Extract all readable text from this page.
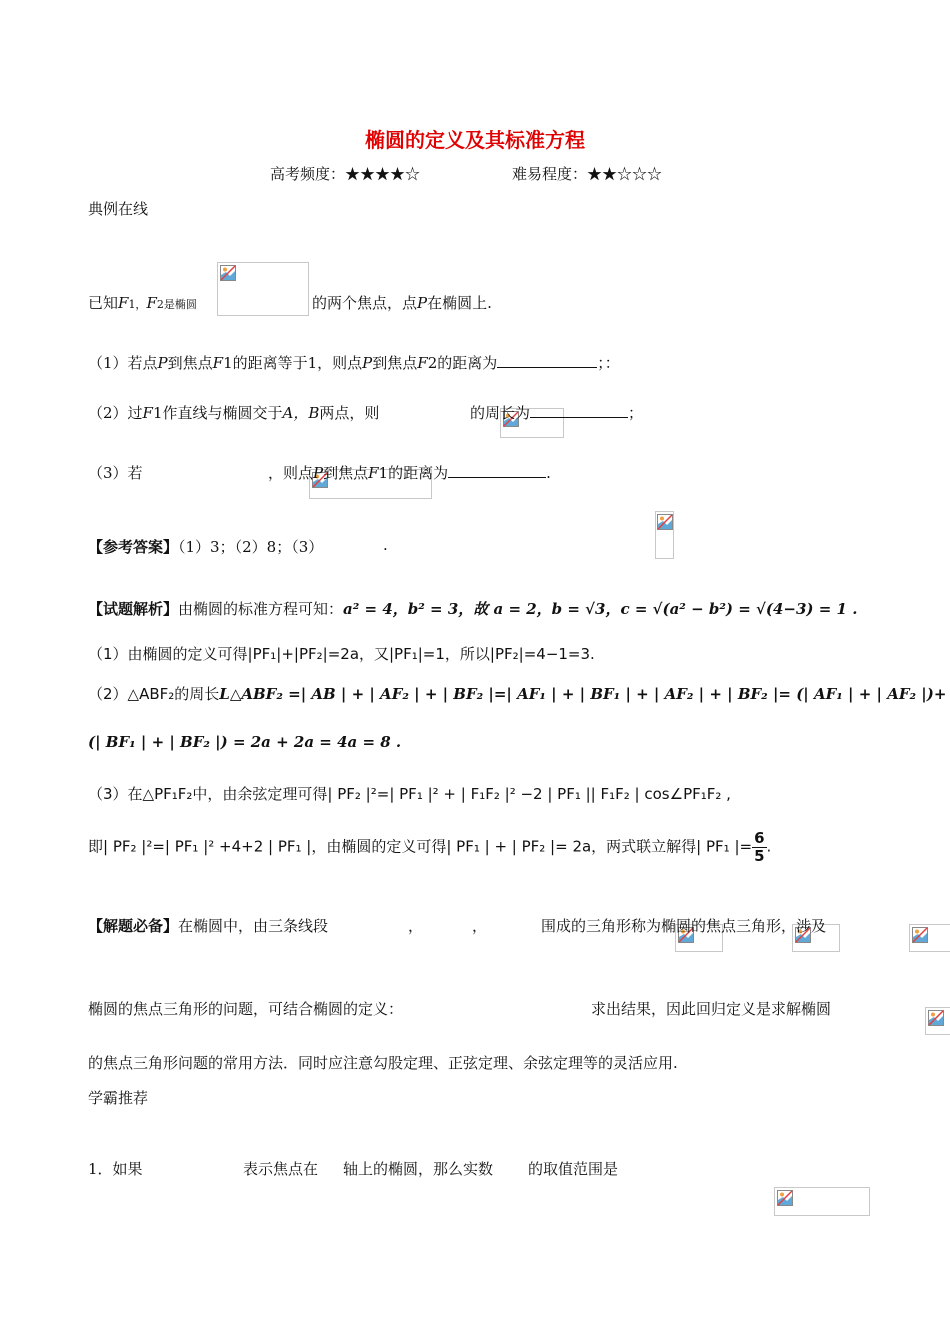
椭圆的定义及其标准方程
高考频度：★★★★☆	难易程度：★★☆☆☆
典例在线
已知F1，F2是椭圆
	的两个焦点，点P在椭圆上.
（1）若点P到焦点F1的距离等于1，则点P到焦点F2的距离为	；：
（2）过F1作直线与椭圆交于A，B两点，则
	的周长为	；
（3）若
	，则点P到焦点F1的距离为	.
【参考答案】（1）3；（2）8；（3）
	.
【试题解析】由椭圆的标准方程可知：a² = 4，b² = 3，故 a = 2，b = √3，c = √(a² − b²) = √(4−3) = 1 .
（1）由椭圆的定义可得|PF₁|+|PF₂|=2a，又|PF₁|=1，所以|PF₂|=4−1=3.
（2）△ABF₂的周长L△ABF₂ =| AB | + | AF₂ | + | BF₂ |=| AF₁ | + | BF₁ | + | AF₂ | + | BF₂ |= (| AF₁ | + | AF₂ |)+
(| BF₁ | + | BF₂ |) = 2a + 2a = 4a = 8 .
（3）在△PF₁F₂中，由余弦定理可得| PF₂ |²=| PF₁ |² + | F₁F₂ |² −2 | PF₁ || F₁F₂ | cos∠PF₁F₂ ,
即| PF₂ |²=| PF₁ |² +4+2 | PF₁ |，由椭圆的定义可得| PF₁ | + | PF₂ |= 2a，两式联立解得| PF₁ |= $\frac{6}{5}$ .
【解题必备】在椭圆中，由三条线段
	，
	，
	围成的三角形称为椭圆的焦点三角形，涉及
椭圆的焦点三角形的问题，可结合椭圆的定义：
	求出结果，因此回归定义是求解椭圆
的焦点三角形问题的常用方法．同时应注意勾股定理、正弦定理、余弦定理等的灵活应用.
学霸推荐
1．如果
	表示焦点在
轴上的椭圆，那么实数 的取值范围是
